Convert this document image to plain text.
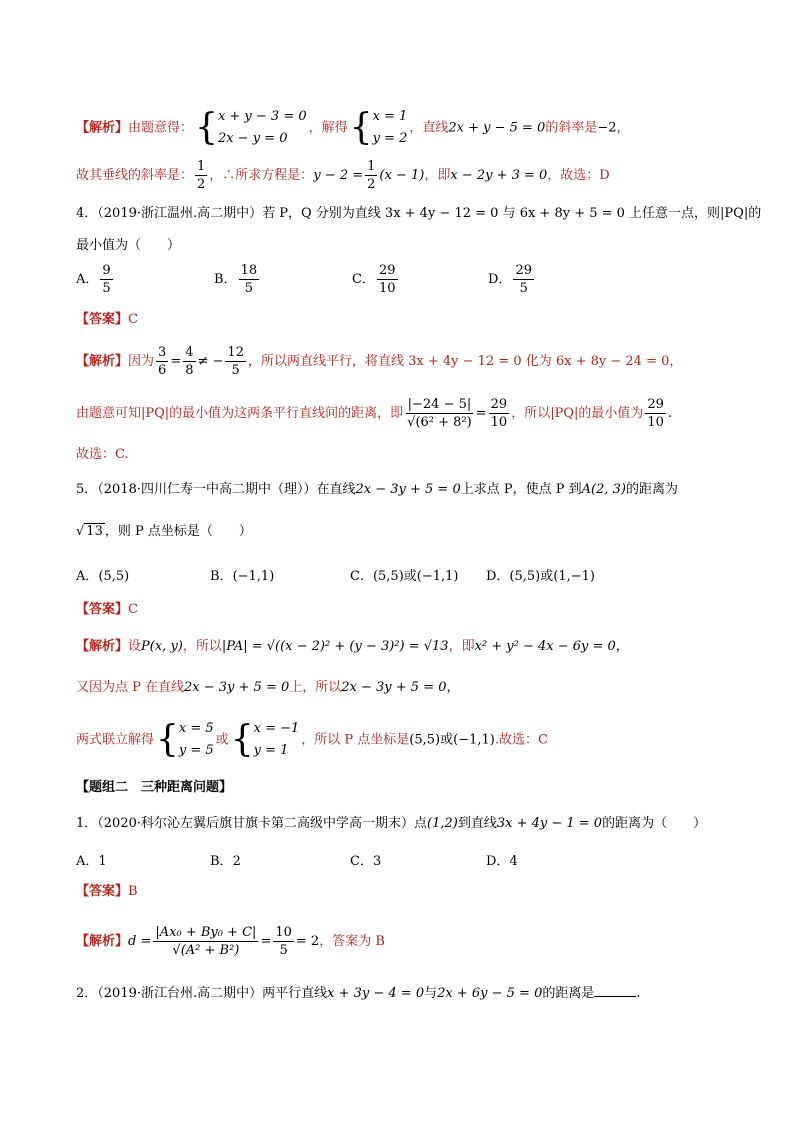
【解析】由题意得： { x + y − 3 = 0
2x − y = 0
，解得 { x = 1
y = 2
，直线2x + y − 5 = 0的斜率是−2，
故其垂线的斜率是： $\frac{1}{2}$ ，∴所求方程是：$y - 2 = \frac{1}{2} (x - 1)$，即x − 2y + 3 = 0，故选：D
4．（2019·浙江温州.高二期中）若 P，Q 分别为直线 3x + 4y − 12 = 0 与 6x + 8y + 5 = 0 上任意一点，则|PQ|的
最小值为（　　）
A． $\frac{9}{5}$	B． $\frac{18}{5}$	C． $\frac{29}{10}$	D． $\frac{29}{5}$
【答案】C
【解析】因为 $\frac{3}{6} = \frac{4}{8}$ ≠ − $\frac{12}{5}$ ，所以两直线平行，将直线 3x + 4y − 12 = 0 化为 6x + 8y − 24 = 0，
由题意可知|PQ|的最小值为这两条平行直线间的距离，即 $\frac{|-24 - 5|}{\text{√(6² + 8²)}} = \frac{29}{10}$ ，所以|PQ|的最小值为 $\frac{29}{10}$ .
故选：C.
5．（2018·四川仁寿一中高二期中（理））在直线2x − 3y + 5 = 0上求点 P，使点 P 到A(2, 3)的距离为
√ 13 ，则 P 点坐标是（　　）
A．(5,5)	B．(−1,1)	C．(5,5)或(−1,1) D．(5,5)或(1,−1)
【答案】C
【解析】设P(x, y)，所以|PA| = √((x − 2)² + (y − 3)²) = √13，即x² + y² − 4x − 6y = 0，
又因为点 P 在直线2x − 3y + 5 = 0上，所以2x − 3y + 5 = 0，
两式联立解得 { x = 5
y = 5
或 { x = −1
y = 1
，所以 P 点坐标是(5,5)或(−1,1).故选：C
【题组二　三种距离问题】
1．（2020·科尔沁左翼后旗甘旗卡第二高级中学高一期末）点(1,2)到直线3x + 4y − 1 = 0的距离为（　　）
A．1	B．2	C．3	D．4
【答案】B
【解析】$d = \frac{\text{|Ax₀ + By₀ + C|}}{\text{√(A² + B²)}} = \frac{10}{5} = 2$，答案为 B
2．（2019·浙江台州.高二期中）两平行直线x + 3y − 4 = 0与2x + 6y − 5 = 0的距离是	.
